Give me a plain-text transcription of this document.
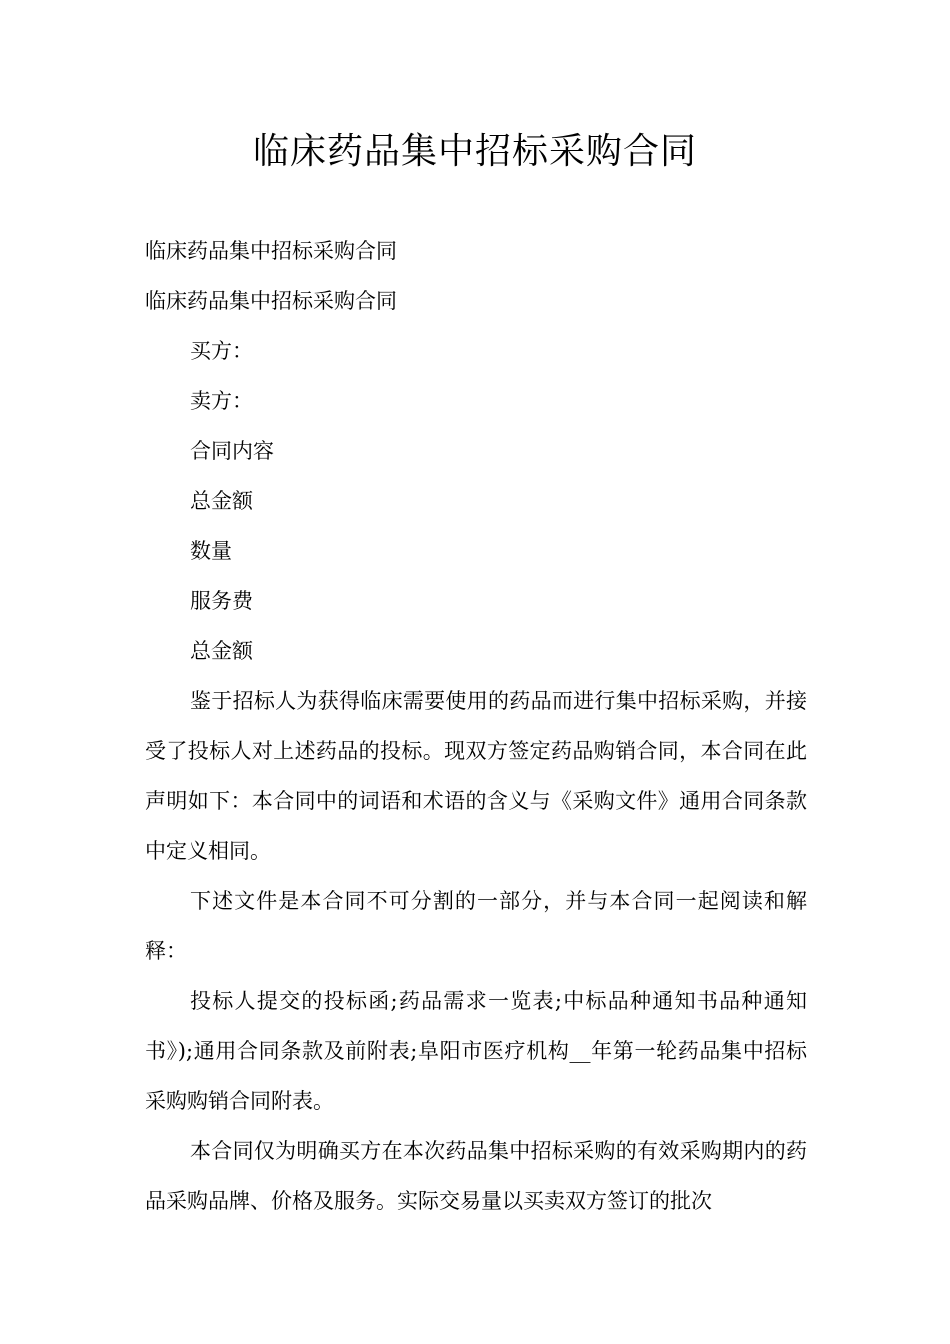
临床药品集中招标采购合同

临床药品集中招标采购合同

临床药品集中招标采购合同

买方：

卖方：

合同内容

总金额

数量

服务费

总金额

鉴于招标人为获得临床需要使用的药品而进行集中招标采购，并接受了投标人对上述药品的投标。现双方签定药品购销合同，本合同在此声明如下：本合同中的词语和术语的含义与《采购文件》通用合同条款中定义相同。

下述文件是本合同不可分割的一部分，并与本合同一起阅读和解释：

投标人提交的投标函;药品需求一览表;中标品种通知书品种通知书》);通用合同条款及前附表;阜阳市医疗机构__年第一轮药品集中招标采购购销合同附表。

本合同仅为明确买方在本次药品集中招标采购的有效采购期内的药品采购品牌、价格及服务。实际交易量以买卖双方签订的批次
